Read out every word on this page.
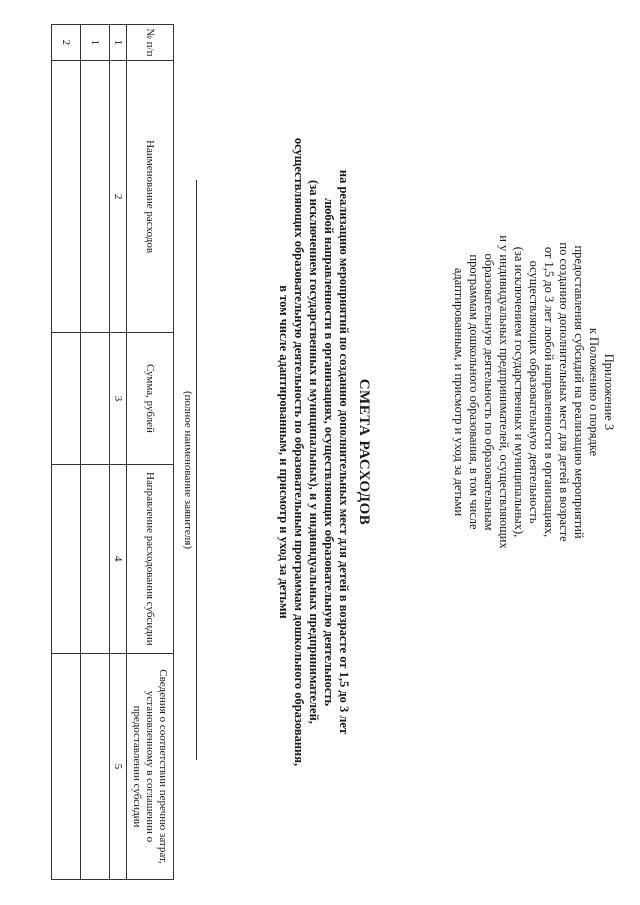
Приложение 3
к Положению о порядке
предоставления субсидий на реализацию мероприятий
по созданию дополнительных мест для детей в возрасте
от 1,5 до 3 лет любой направленности в организациях,
осуществляющих образовательную деятельность
(за исключением государственных и муниципальных),
и у индивидуальных предпринимателей, осуществляющих
образовательную деятельность по образовательным
программам дошкольного образования, в том числе
адаптированным, и присмотр и уход за детьми
СМЕТА РАСХОДОВ
на реализацию мероприятий по созданию дополнительных мест для детей в возрасте от 1,5 до 3 лет
любой направленности в организациях, осуществляющих образовательную деятельность
(за исключением государственных и муниципальных), и у индивидуальных предпринимателей,
осуществляющих образовательную деятельность по образовательным программам дошкольного образования,
в том числе адаптированным, и присмотр и уход за детьми
(полное наименование заявителя)
№ п/п	Наименование расходов	Сумма, рублей	Направление расходования субсидии	Сведения о соответствии перечню затрат, установленному в соглашении о предоставлении субсидии
1	2	3	4	5
1				
2				
